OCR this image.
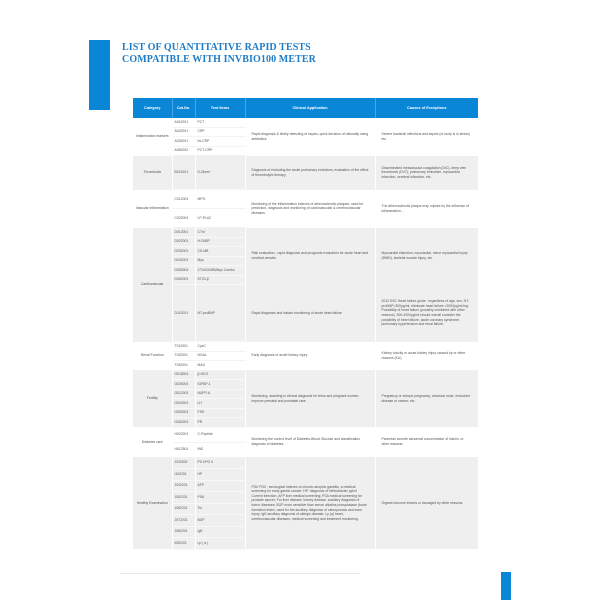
LIST OF QUANTITATIVE RAPID TESTS
COMPATIBLE WITH INVBIO100 METER
Category	Cat.No.	Test Items	Clinical Application	Causes of Exceptions
Inflammation markers	A012001	PCT	Rapid diagnosis & timely detecting of sepsis, quick decision of rationally using antibiotics	Severe bacterial infections and sepsis (or body is in stress) etc.
	A022001	CRP		
	A032001	hs-CRP		
	A052002	PCT-CRP		
Thrombosis	B012001	D-Dimer	Diagnosis of excluding the acute pulmonary embolism, evaluation of the effect of thrombolytic therapy	Disseminated intravascular coagulation (DIC), deep vein thrombosis (DVT), pulmonary embolism, myocardial infarction, cerebral infarction, etc.
Vascular inflammation	C012001	MPO	Monitoring of the inflammation indexes of atherosclerotic plaques, used for prediction, diagnosis and monitoring of cardiovascular & cerebrovascular diseases.	The atherosclerotic plaque may rupture by the influence of inflammation...
	C022001	LP-PLA2		
Cardiovascular	D012001	CTnI	Risk evaluation , rapid diagnosis and prognosis evaluation for acute heart and cerebral vessels	Myocardial infarction, myocardial, minor myocardial injury (MMD), skeletal muscle injury, etc.
	D022001	H-FABP		
	D032001	CK-MB		
	D042001	Myo		
	D053003	CTnI/CKMB/Myo Combo		
	D062001	ST2/I-β		
	D112001	NT-proBNP	Rapid diagnosis and instant monitoring of acute heart failure	2012 ESC Heart failure guide : regardless of age, sex, NT-proBNP<300pg/ml, eliminate heart failure >2000pg/ml big. Possibility of heart failure (possibly combined with other reasons) :300-2000pg/ml should overall consider the possibility of heart failure, acute coronary syndrome, pulmonary hypertension and renal failure.
Renal Function	T012001	CysC	Early diagnosis of acute kidney injury	Kidney toxicity or acute kidney injury caused by or other reasons (KU)
	T022001	NGAL		
	T032001	MAU		
Fertility	G018001	β-HCG	Monitoring, assisting in clinical diagnosis for fetus and pregnant women, improve prenatal and postnatal care.	Pregnancy or ectopic pregnancy, vesicular mole, endocrine disease or cancer, etc
	G026001	IGFBP-1		
	G012001	NUFP-A		
	G043001	LH		
	G053001	FSH		
	G062001	PR		
Diabetes care	H022201	C-Peptide	Monitoring the control level of Diabetes-Blood Glucose and classification diagnosis of diabetes.	Pancreas secrete abnormal concentration of insulin ,or other reasons.
	H012501	INS		
Healthy Examination	J032502	PG I/PG II	PGI/ PGII : serological indexes of chronic atrophic gastritis ,a medical screening for early gastric cancer; HP: diagnosis of Helicobacter pylori Current infection ;AFP liver medical screening; PSA medical screening for prostate cancer; For liver disease, kidney disease, auxiliary diagnosis of tumor diseases; BGP more sensitive than serum alkaline phosphatase (bone formation index, used for the auxiliary diagnosis of osteoporosis and bone injury; IgE auxiliary diagnosis of allergic disease; Lp (a) heart, cerebrovascular diseases, medical screening and treatment monitoring.	Organs become lesions or damaged by other reasons.
	I102201	HP		
	J042201	AFP		
	J052201	PSA		
	J062201	Tw		
	J072201	BGP		
	J082201	IgE		
	I092201	Lp ( a )		
